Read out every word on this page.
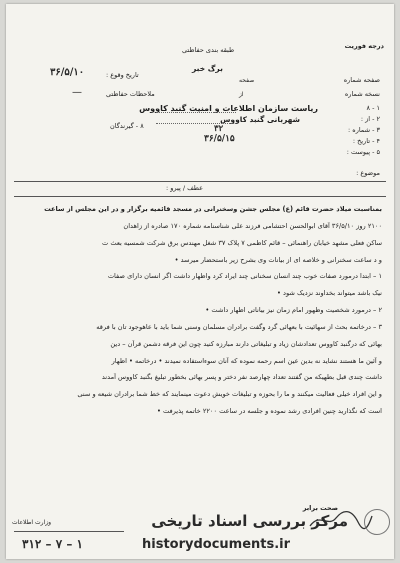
درجه فوریت
طبقه بندی حفاظتی
برگ خبر
تاریخ وقوع :
۳۶/۵/۱۰
ملاحظات حفاظتی
—
۸ - گیرندگان
صفحه شماره
نسخه شماره
صفحه
از
۱ - ۸
۲ - از :
۳ - شماره :
۴ - تاریخ :
۵ - پیوست :
ریاست سازمان اطلاعات و امنیت گنبد کاووس
شهربانی گنبد کاووس
۳۲
۳۶/۵/۱۵
موضوع :
عطف / پیرو :
بمناسبت میلاد حضرت قائم (ع) مجلس جشن وسخنرانی در مسجد قائمیه برگزار و در این مجلس از ساعت
۲۱۰۰ روز ۳۶/۵/۱۰ آقای ابوالحسن احتشامی فرزند علی شناسنامه شماره ۱۷۰ صادره از زاهدان
ساکن فعلی مشهد خیابان راهنمائی – قائم کاظمی ۷ پلاک ۳۷ شغل مهندس برق شرکت شمسیه بعث ت
و د ساعت سخنرانی و خلاصه ای از بیانات وی بشرح زیر باستحضار میرسد •
۱ – ابتدا درمورد صفات خوب چند انسان سخنانی چند ایراد کرد واظهار داشت اگر انسان دارای صفات
نیک باشد میتواند بخداوند نزدیک شود •
۲ – درمورد شخصیت وظهور امام زمان نیز بیاناتی اظهار داشت •
۳ – درخاتمه بحث از سهائیت با بعهائی گرد وگفت برادران مسلمان وسنی شما باید با عاهوجود تان با فرقه
بهائی که درگنبد کاووس تعدادشان زیاد و تبلیغاتی دارند مبارزه کنید چون این فرقه دشمن قرآن – دین
و آئین ما هستند نشاید نه بدین عین اسم رحمه نموده که آنان سوءاستفاده نمیدند • درخاتمه • اظهار
داشت چندی قبل بطهیکه من گفتند تعداد چهارصد نفر دختر و پسر بهائی بخطور تبلیغ بگنبد کاووس آمدند
و این افراد خیلی فعالیت میکنند و ما را بحوزه و تبلیغات خویش دعوت مینمایند که خط شما برادران شیعه و سنی
است که نگذارید چنین افرادی رشد نموده و جلسه در ساعت ۲۲۰۰ خاتمه پذیرفت •
صحت برابر
مرکز بررسی اسناد تاریخی
وزارت اطلاعات
historydocuments.ir
۳۱۲ – ۷ – ۱
